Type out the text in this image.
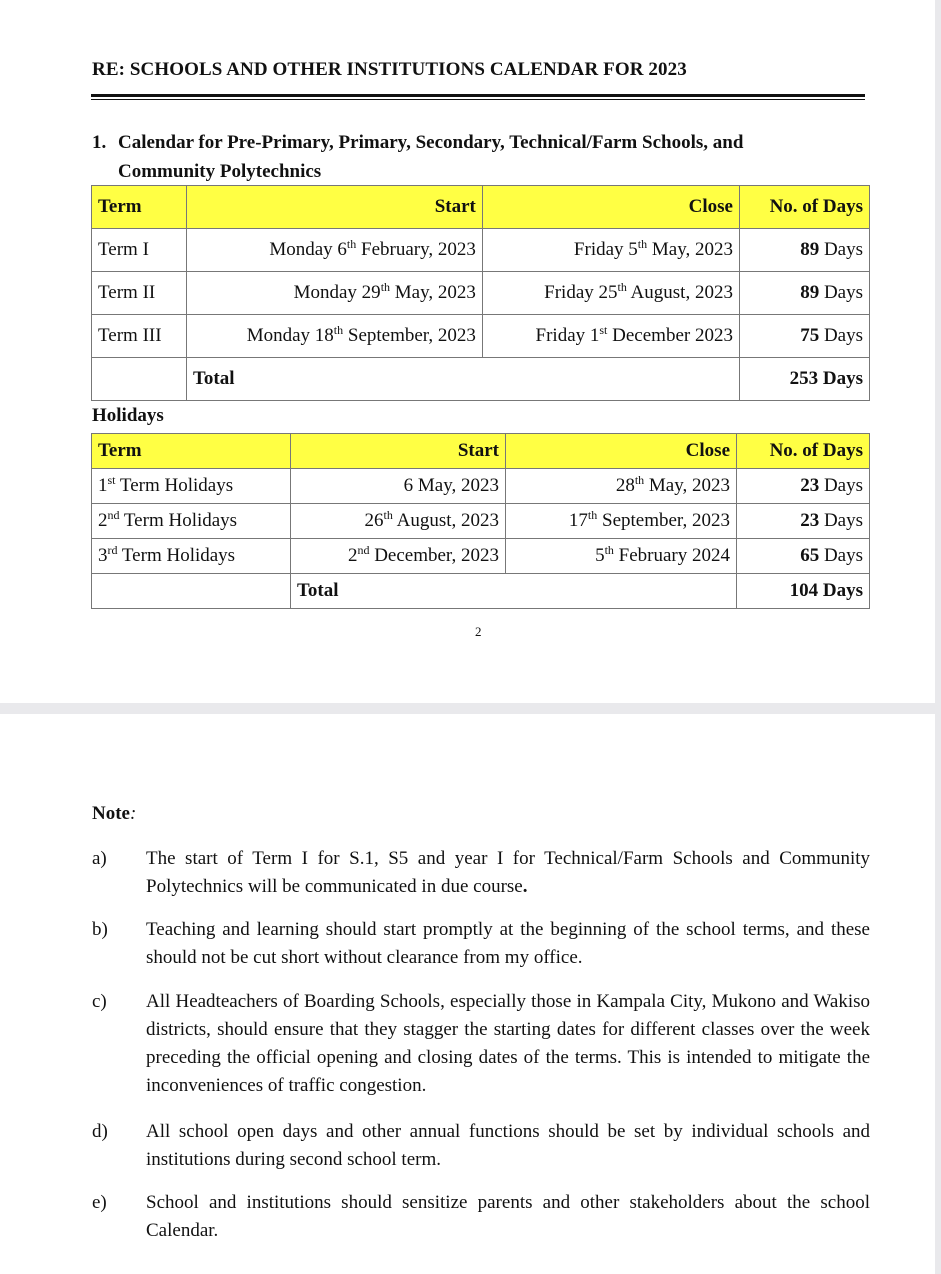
RE: SCHOOLS AND OTHER INSTITUTIONS CALENDAR FOR 2023
1. Calendar for Pre-Primary, Primary, Secondary, Technical/Farm Schools, and
Community Polytechnics
Term	Start	Close	No. of Days
Term I	Monday 6th February, 2023	Friday 5th May, 2023	89 Days
Term II	Monday 29th May, 2023	Friday 25th August, 2023	89 Days
Term III	Monday 18th September, 2023	Friday 1st December 2023	75 Days
	Total		253 Days
Holidays
Term	Start	Close	No. of Days
1st Term Holidays	6 May, 2023	28th May, 2023	23 Days
2nd Term Holidays	26th August, 2023	17th September, 2023	23 Days
3rd Term Holidays	2nd December, 2023	5th February 2024	65 Days
	Total		104 Days
2
Note:
a) The start of Term I for S.1, S5 and year I for Technical/Farm Schools and Community Polytechnics will be communicated in due course.
b) Teaching and learning should start promptly at the beginning of the school terms, and these should not be cut short without clearance from my office.
c) All Headteachers of Boarding Schools, especially those in Kampala City, Mukono and Wakiso districts, should ensure that they stagger the starting dates for different classes over the week preceding the official opening and closing dates of the terms. This is intended to mitigate the inconveniences of traffic congestion.
d) All school open days and other annual functions should be set by individual schools and institutions during second school term.
e) School and institutions should sensitize parents and other stakeholders about the school Calendar.
